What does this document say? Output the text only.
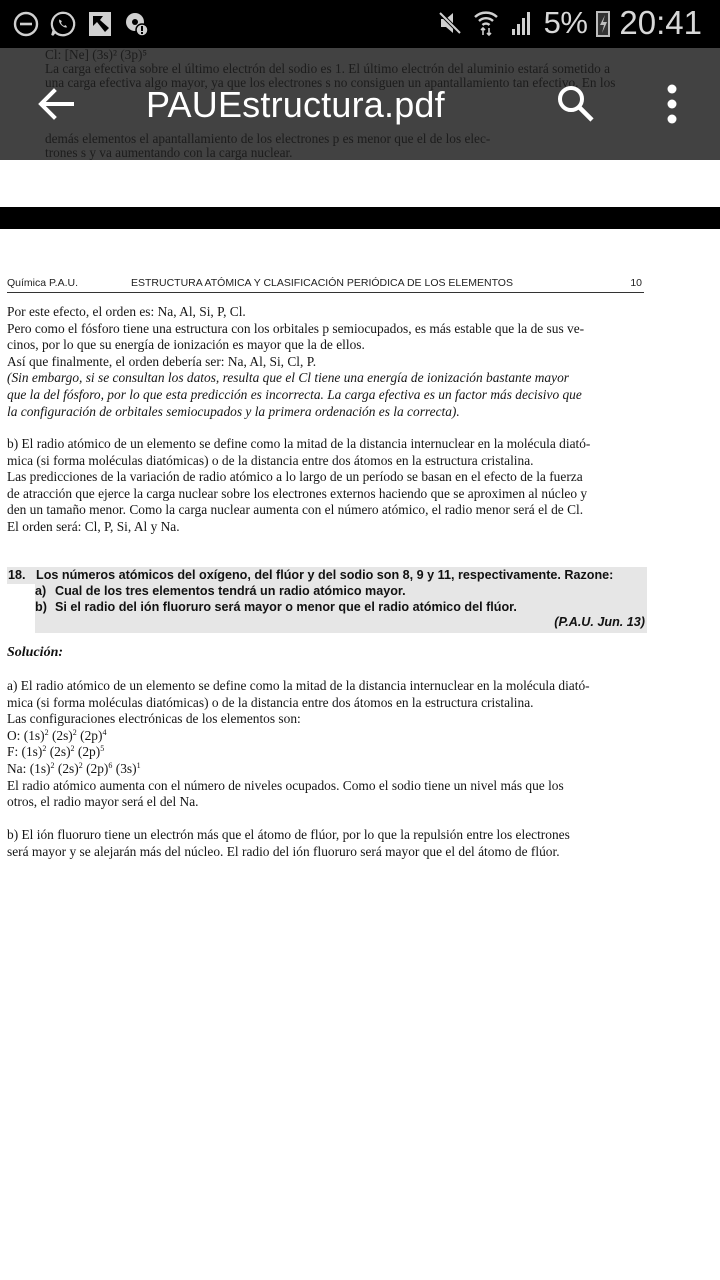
5% 20:41
Cl: [Ne] (3s)² (3p)⁵
La carga efectiva sobre el último electrón del sodio es 1. El último electrón del aluminio estará sometido a
una carga efectiva algo mayor, ya que los electrones s no consiguen un apantallamiento tan efectivo. En los
demás elementos el apantallamiento de los electrones p es menor que el de los elec-
trones s y va aumentando con la carga nuclear.
PAUEstructura.pdf
Química P.A.U.	ESTRUCTURA ATÓMICA Y CLASIFICACIÓN PERIÓDICA DE LOS ELEMENTOS	10

Por este efecto, el orden es: Na, Al, Si, P, Cl.

Pero como el fósforo tiene una estructura con los orbitales p semiocupados, es más estable que la de sus ve-

cinos, por lo que su energía de ionización es mayor que la de ellos.

Así que finalmente, el orden debería ser: Na, Al, Si, Cl, P.

(Sin embargo, si se consultan los datos, resulta que el Cl tiene una energía de ionización bastante mayor

que la del fósforo, por lo que esta predicción es incorrecta. La carga efectiva es un factor más decisivo que

la configuración de orbitales semiocupados y la primera ordenación es la correcta).

b) El radio atómico de un elemento se define como la mitad de la distancia internuclear en la molécula diató-

mica (si forma moléculas diatómicas) o de la distancia entre dos átomos en la estructura cristalina.

Las predicciones de la variación de radio atómico a lo largo de un período se basan en el efecto de la fuerza

de atracción que ejerce la carga nuclear sobre los electrones externos haciendo que se aproximen al núcleo y

den un tamaño menor. Como la carga nuclear aumenta con el número atómico, el radio menor será el de Cl.

El orden será: Cl, P, Si, Al y Na.

18. Los números atómicos del oxígeno, del flúor y del sodio son 8, 9 y 11, respectivamente. Razone:
a) Cual de los tres elementos tendrá un radio atómico mayor.
b) Si el radio del ión fluoruro será mayor o menor que el radio atómico del flúor.
(P.A.U. Jun. 13)
Solución:

a) El radio atómico de un elemento se define como la mitad de la distancia internuclear en la molécula diató-

mica (si forma moléculas diatómicas) o de la distancia entre dos átomos en la estructura cristalina.

Las configuraciones electrónicas de los elementos son:

O: $(1s)^2$ $(2s)^2$ $(2p)^4$
F: $(1s)^2$ $(2s)^2$ $(2p)^5$
Na: $(1s)^2$ $(2s)^2$ $(2p)^6$ $(3s)^1$

El radio atómico aumenta con el número de niveles ocupados. Como el sodio tiene un nivel más que los

otros, el radio mayor será el del Na.

b) El ión fluoruro tiene un electrón más que el átomo de flúor, por lo que la repulsión entre los electrones

será mayor y se alejarán más del núcleo. El radio del ión fluoruro será mayor que el del átomo de flúor.
